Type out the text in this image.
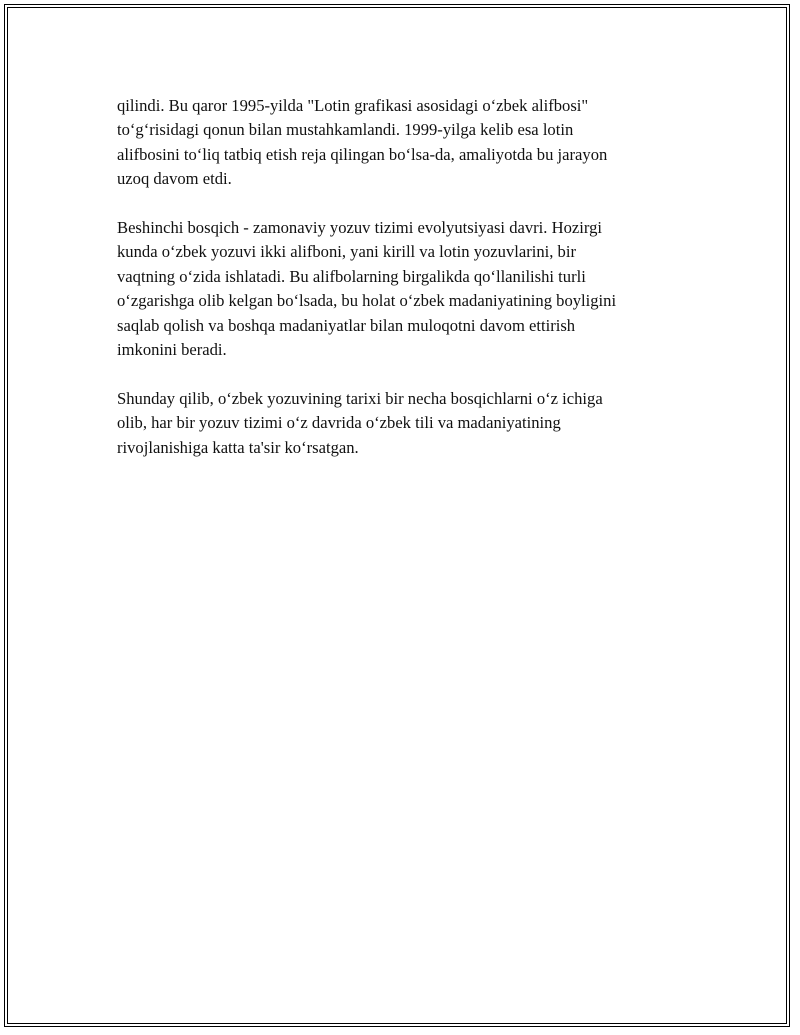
qilindi. Bu qaror 1995-yilda "Lotin grafikasi asosidagi o‘zbek alifbosi"
to‘g‘risidagi qonun bilan mustahkamlandi. 1999-yilga kelib esa lotin
alifbosini to‘liq tatbiq etish reja qilingan bo‘lsa-da, amaliyotda bu jarayon
uzoq davom etdi.

Beshinchi bosqich - zamonaviy yozuv tizimi evolyutsiyasi davri. Hozirgi
kunda o‘zbek yozuvi ikki alifboni, yani kirill va lotin yozuvlarini, bir
vaqtning o‘zida ishlatadi. Bu alifbolarning birgalikda qo‘llanilishi turli
o‘zgarishga olib kelgan bo‘lsada, bu holat o‘zbek madaniyatining boyligini
saqlab qolish va boshqa madaniyatlar bilan muloqotni davom ettirish
imkonini beradi.

Shunday qilib, o‘zbek yozuvining tarixi bir necha bosqichlarni o‘z ichiga
olib, har bir yozuv tizimi o‘z davrida o‘zbek tili va madaniyatining
rivojlanishiga katta ta'sir ko‘rsatgan.
